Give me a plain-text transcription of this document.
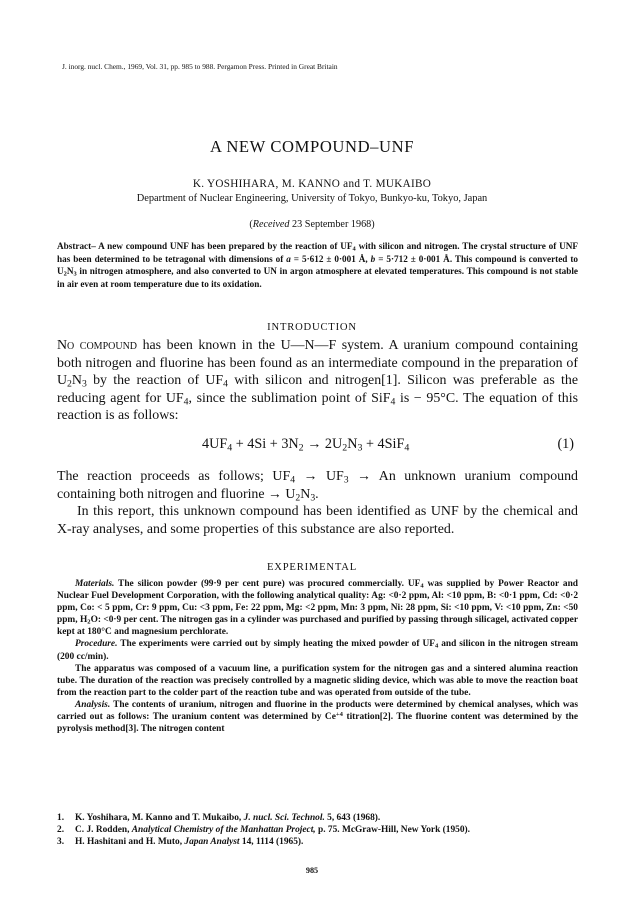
J. inorg. nucl. Chem., 1969, Vol. 31, pp. 985 to 988. Pergamon Press. Printed in Great Britain
A NEW COMPOUND–UNF
K. YOSHIHARA, M. KANNO and T. MUKAIBO
Department of Nuclear Engineering, University of Tokyo, Bunkyo-ku, Tokyo, Japan
(Received 23 September 1968)

Abstract– A new compound UNF has been prepared by the reaction of $UF_4$ with silicon and nitrogen. The crystal structure of UNF has been determined to be tetragonal with dimensions of a = 5·612 ± 0·001 Å, b = 5·712 ± 0·001 Å. This compound is converted to $U_2N_3$ in nitrogen atmosphere, and also converted to UN in argon atmosphere at elevated temperatures. This compound is not stable in air even at room temperature due to its oxidation.

INTRODUCTION

No compound has been known in the U—N—F system. A uranium compound containing both nitrogen and fluorine has been found as an intermediate compound in the preparation of $U_2N_3$ by the reaction of $UF_4$ with silicon and nitrogen[1]. Silicon was preferable as the reducing agent for $UF_4$, since the sublimation point of SiF$_4$ is − 95°C. The equation of this reaction is as follows:

$4UF_4 + 4Si + 3N_2 \to 2U_2N_3 + 4SiF_4$	(1)

The reaction proceeds as follows; $UF_4 \to UF_3 \to An$ unknown uranium compound containing both nitrogen and fluorine → $U_2N_3$.

In this report, this unknown compound has been identified as UNF by the chemical and X-ray analyses, and some properties of this substance are also reported.

EXPERIMENTAL

Materials. The silicon powder (99·9 per cent pure) was procured commercially. $UF_4$ was supplied by Power Reactor and Nuclear Fuel Development Corporation, with the following analytical quality: Ag: <0·2 ppm, Al: <10 ppm, B: <0·1 ppm, Cd: <0·2 ppm, Co: < 5 ppm, Cr: 9 ppm, Cu: <3 ppm, Fe: 22 ppm, Mg: <2 ppm, Mn: 3 ppm, Ni: 28 ppm, Si: <10 ppm, V: <10 ppm, Zn: <50 ppm, $H_2O$: <0·9 per cent. The nitrogen gas in a cylinder was purchased and purified by passing through silicagel, activated copper kept at 180°C and magnesium perchlorate.

Procedure. The experiments were carried out by simply heating the mixed powder of $UF_4$ and silicon in the nitrogen stream (200 cc/min).

The apparatus was composed of a vacuum line, a purification system for the nitrogen gas and a sintered alumina reaction tube. The duration of the reaction was precisely controlled by a magnetic sliding device, which was able to move the reaction boat from the reaction part to the colder part of the reaction tube and was operated from outside of the tube.

Analysis. The contents of uranium, nitrogen and fluorine in the products were determined by chemical analyses, which was carried out as follows: The uranium content was determined by $Ce^{+4}$ titration[2]. The fluorine content was determined by the pyrolysis method[3]. The nitrogen content

1. K. Yoshihara, M. Kanno and T. Mukaibo, J. nucl. Sci. Technol. 5, 643 (1968).
2. C. J. Rodden, Analytical Chemistry of the Manhattan Project, p. 75. McGraw-Hill, New York (1950).
3. H. Hashitani and H. Muto, Japan Analyst 14, 1114 (1965).
985
